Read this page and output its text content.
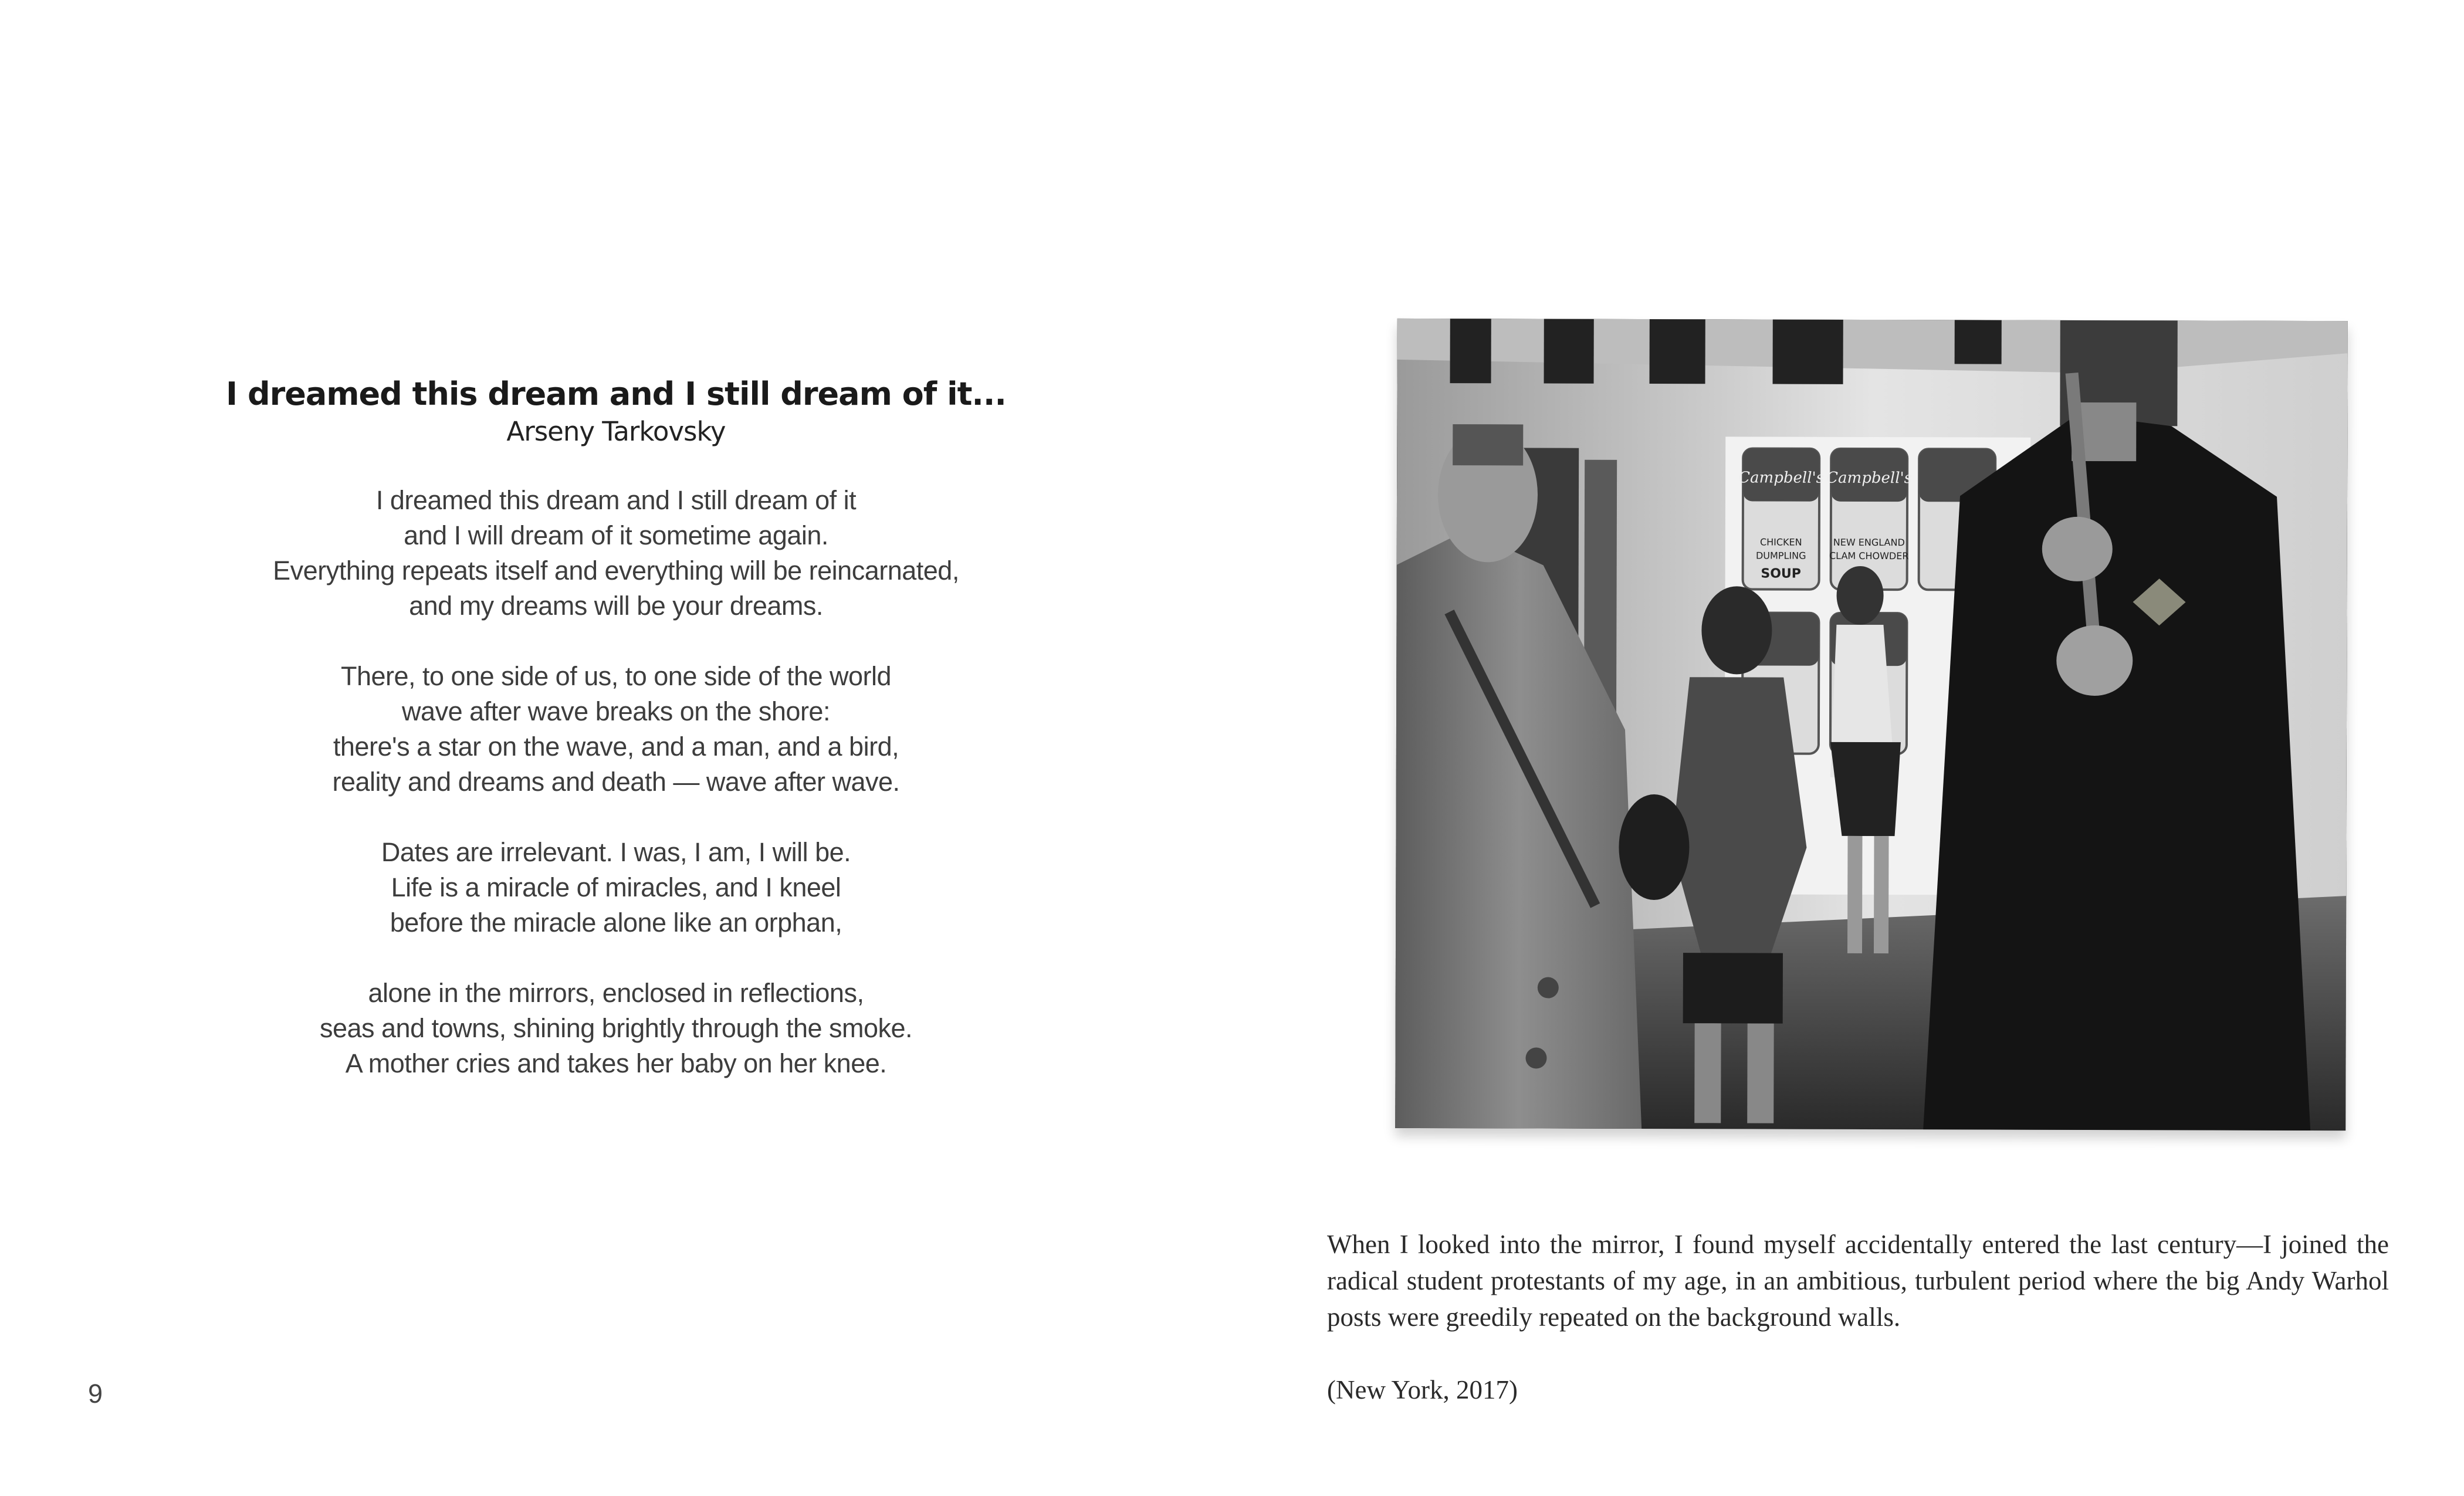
I dreamed this dream and I still dream of it...
Arseny Tarkovsky
I dreamed this dream and I still dream of it
and I will dream of it sometime again.
Everything repeats itself and everything will be reincarnated,
and my dreams will be your dreams.
There, to one side of us, to one side of the world
wave after wave breaks on the shore:
there's a star on the wave, and a man, and a bird,
reality and dreams and death — wave after wave.
Dates are irrelevant. I was, I am, I will be.
Life is a miracle of miracles, and I kneel
before the miracle alone like an orphan,
alone in the mirrors, enclosed in reflections,
seas and towns, shining brightly through the smoke.
A mother cries and takes her baby on her knee.
9
Campbell's
CHICKEN
DUMPLING
SOUP
Campbell's
NEW ENGLAND
CLAM CHOWDER
When I looked into the mirror, I found myself accidentally entered the last century—I joined the radical student protestants of my age, in an ambitious, turbulent period where the big Andy Warhol posts were greedily repeated on the background walls.
(New York, 2017)
